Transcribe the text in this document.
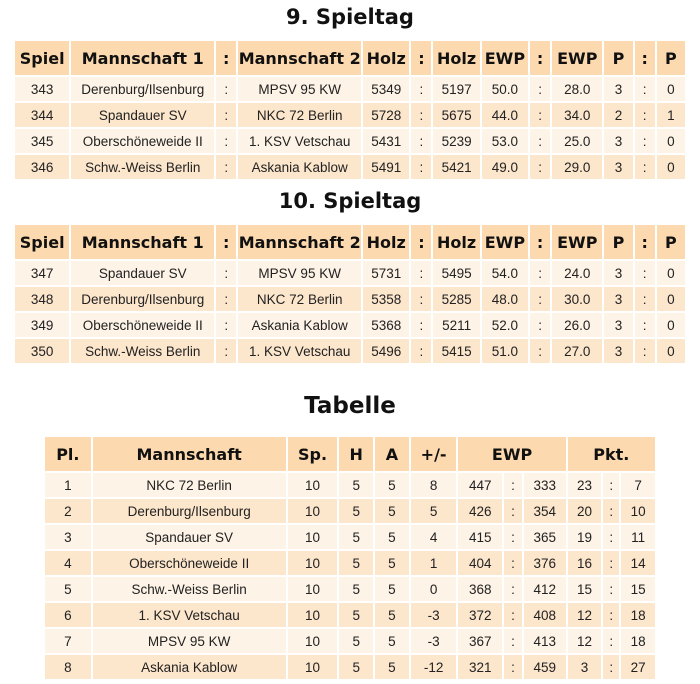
9. Spieltag
Spiel	Mannschaft 1	:	Mannschaft 2	Holz	:	Holz	EWP	:	EWP	P	:	P
343	Derenburg/Ilsenburg	:	MPSV 95 KW	5349	:	5197	50.0	:	28.0	3	:	0
344	Spandauer SV	:	NKC 72 Berlin	5728	:	5675	44.0	:	34.0	2	:	1
345	Oberschöneweide II	:	1. KSV Vetschau	5431	:	5239	53.0	:	25.0	3	:	0
346	Schw.-Weiss Berlin	:	Askania Kablow	5491	:	5421	49.0	:	29.0	3	:	0
10. Spieltag
Spiel	Mannschaft 1	:	Mannschaft 2	Holz	:	Holz	EWP	:	EWP	P	:	P
347	Spandauer SV	:	MPSV 95 KW	5731	:	5495	54.0	:	24.0	3	:	0
348	Derenburg/Ilsenburg	:	NKC 72 Berlin	5358	:	5285	48.0	:	30.0	3	:	0
349	Oberschöneweide II	:	Askania Kablow	5368	:	5211	52.0	:	26.0	3	:	0
350	Schw.-Weiss Berlin	:	1. KSV Vetschau	5496	:	5415	51.0	:	27.0	3	:	0
Tabelle
Pl.	Mannschaft	Sp.	H	A	+/-	EWP			Pkt.		
1	NKC 72 Berlin	10	5	5	8	447	:	333	23	:	7
2	Derenburg/Ilsenburg	10	5	5	5	426	:	354	20	:	10
3	Spandauer SV	10	5	5	4	415	:	365	19	:	11
4	Oberschöneweide II	10	5	5	1	404	:	376	16	:	14
5	Schw.-Weiss Berlin	10	5	5	0	368	:	412	15	:	15
6	1. KSV Vetschau	10	5	5	-3	372	:	408	12	:	18
7	MPSV 95 KW	10	5	5	-3	367	:	413	12	:	18
8	Askania Kablow	10	5	5	-12	321	:	459	3	:	27
